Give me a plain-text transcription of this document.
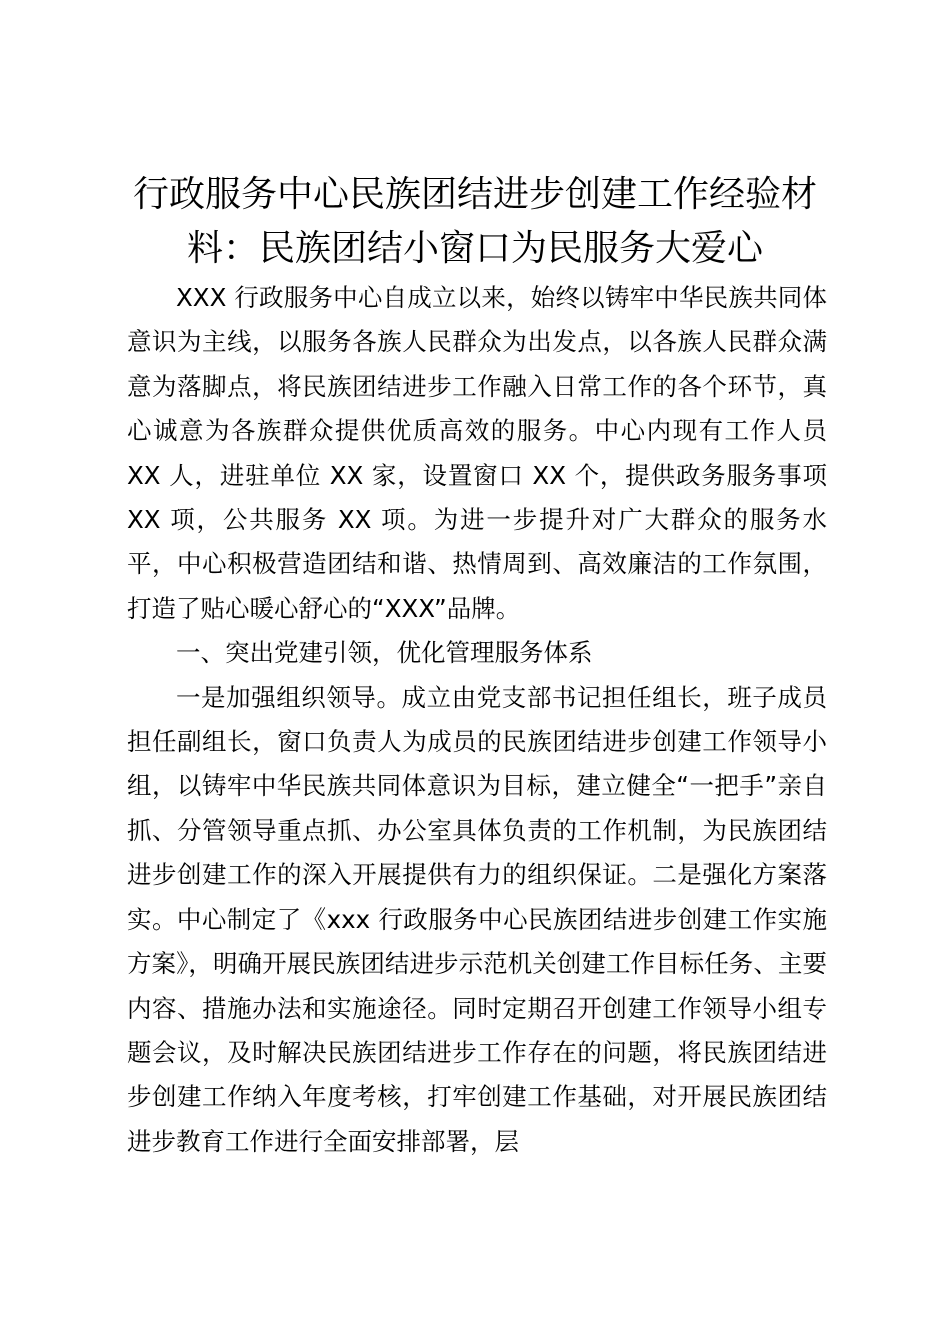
行政服务中心民族团结进步创建工作经验材料：民族团结小窗口为民服务大爱心

XXX 行政服务中心自成立以来，始终以铸牢中华民族共同体意识为主线，以服务各族人民群众为出发点，以各族人民群众满意为落脚点，将民族团结进步工作融入日常工作的各个环节，真心诚意为各族群众提供优质高效的服务。中心内现有工作人员 XX 人，进驻单位 XX 家，设置窗口 XX 个，提供政务服务事项 XX 项，公共服务 XX 项。为进一步提升对广大群众的服务水平，中心积极营造团结和谐、热情周到、高效廉洁的工作氛围，打造了贴心暖心舒心的“XXX”品牌。

一、突出党建引领，优化管理服务体系

一是加强组织领导。成立由党支部书记担任组长，班子成员担任副组长，窗口负责人为成员的民族团结进步创建工作领导小组，以铸牢中华民族共同体意识为目标，建立健全“一把手”亲自抓、分管领导重点抓、办公室具体负责的工作机制，为民族团结进步创建工作的深入开展提供有力的组织保证。二是强化方案落实。中心制定了《xxx 行政服务中心民族团结进步创建工作实施方案》，明确开展民族团结进步示范机关创建工作目标任务、主要内容、措施办法和实施途径。同时定期召开创建工作领导小组专题会议，及时解决民族团结进步工作存在的问题，将民族团结进步创建工作纳入年度考核，打牢创建工作基础，对开展民族团结进步教育工作进行全面安排部署，层
